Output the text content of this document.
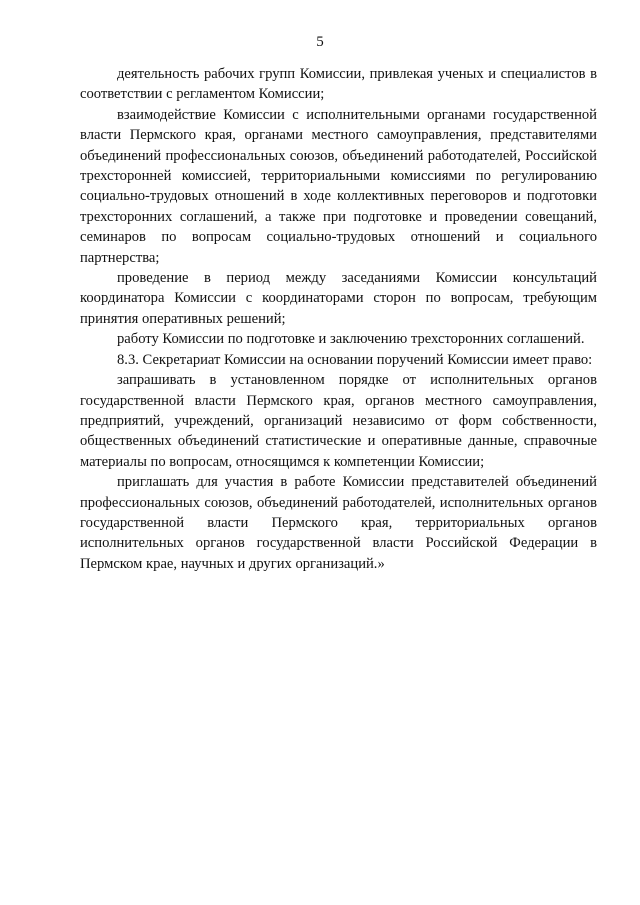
5

деятельность рабочих групп Комиссии, привлекая ученых и специалистов в соответствии с регламентом Комиссии;

взаимодействие Комиссии с исполнительными органами государственной власти Пермского края, органами местного самоуправления, представителями объединений профессиональных союзов, объединений работодателей, Российской трехсторонней комиссией, территориальными комиссиями по регулированию социально-трудовых отношений в ходе коллективных переговоров и подготовки трехсторонних соглашений, а также при подготовке и проведении совещаний, семинаров по вопросам социально-трудовых отношений и социального партнерства;

проведение в период между заседаниями Комиссии консультаций координатора Комиссии с координаторами сторон по вопросам, требующим принятия оперативных решений;

работу Комиссии по подготовке и заключению трехсторонних соглашений.

8.3. Секретариат Комиссии на основании поручений Комиссии имеет право:

запрашивать в установленном порядке от исполнительных органов государственной власти Пермского края, органов местного самоуправления, предприятий, учреждений, организаций независимо от форм собственности, общественных объединений статистические и оперативные данные, справочные материалы по вопросам, относящимся к компетенции Комиссии;

приглашать для участия в работе Комиссии представителей объединений профессиональных союзов, объединений работодателей, исполнительных органов государственной власти Пермского края, территориальных органов исполнительных органов государственной власти Российской Федерации в Пермском крае, научных и других организаций.»
